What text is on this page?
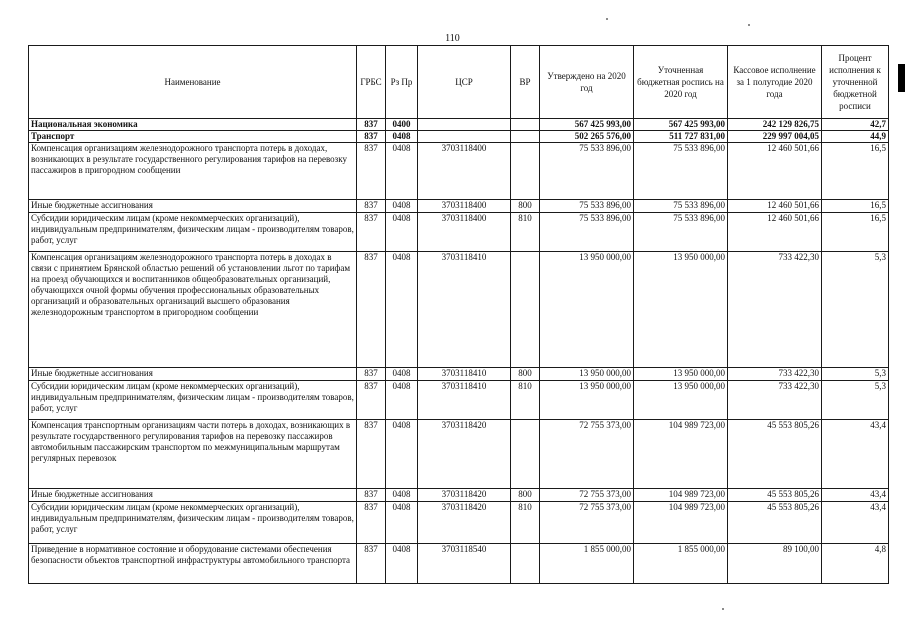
110
Наименование	ГРБС	Рз Пр	ЦСР	ВР	Утверждено на 2020 год	Уточненная бюджетная роспись на 2020 год	Кассовое исполнение за 1 полугодие 2020 года	Процент исполнения к уточненной бюджетной росписи
Национальная экономика	837	0400			567 425 993,00	567 425 993,00	242 129 826,75	42,7
Транспорт	837	0408			502 265 576,00	511 727 831,00	229 997 004,05	44,9
Компенсация организациям железнодорожного транспорта потерь в доходах, возникающих в результате государственного регулирования тарифов на перевозку пассажиров в пригородном сообщении	837	0408	3703118400		75 533 896,00	75 533 896,00	12 460 501,66	16,5
Иные бюджетные ассигнования	837	0408	3703118400	800	75 533 896,00	75 533 896,00	12 460 501,66	16,5
Субсидии юридическим лицам (кроме некоммерческих организаций), индивидуальным предпринимателям, физическим лицам - производителям товаров, работ, услуг	837	0408	3703118400	810	75 533 896,00	75 533 896,00	12 460 501,66	16,5
Компенсация организациям железнодорожного транспорта потерь в доходах в связи с принятием Брянской областью решений об установлении льгот по тарифам на проезд обучающихся и воспитанников общеобразовательных организаций, обучающихся очной формы обучения профессиональных образовательных организаций и образовательных организаций высшего образования железнодорожным транспортом в пригородном сообщении	837	0408	3703118410		13 950 000,00	13 950 000,00	733 422,30	5,3
Иные бюджетные ассигнования	837	0408	3703118410	800	13 950 000,00	13 950 000,00	733 422,30	5,3
Субсидии юридическим лицам (кроме некоммерческих организаций), индивидуальным предпринимателям, физическим лицам - производителям товаров, работ, услуг	837	0408	3703118410	810	13 950 000,00	13 950 000,00	733 422,30	5,3
Компенсация транспортным организациям части потерь в доходах, возникающих в результате государственного регулирования тарифов на перевозку пассажиров автомобильным пассажирским транспортом по межмуниципальным маршрутам регулярных перевозок	837	0408	3703118420		72 755 373,00	104 989 723,00	45 553 805,26	43,4
Иные бюджетные ассигнования	837	0408	3703118420	800	72 755 373,00	104 989 723,00	45 553 805,26	43,4
Субсидии юридическим лицам (кроме некоммерческих организаций), индивидуальным предпринимателям, физическим лицам - производителям товаров, работ, услуг	837	0408	3703118420	810	72 755 373,00	104 989 723,00	45 553 805,26	43,4
Приведение в нормативное состояние и оборудование системами обеспечения безопасности объектов транспортной инфраструктуры автомобильного транспорта	837	0408	3703118540		1 855 000,00	1 855 000,00	89 100,00	4,8
